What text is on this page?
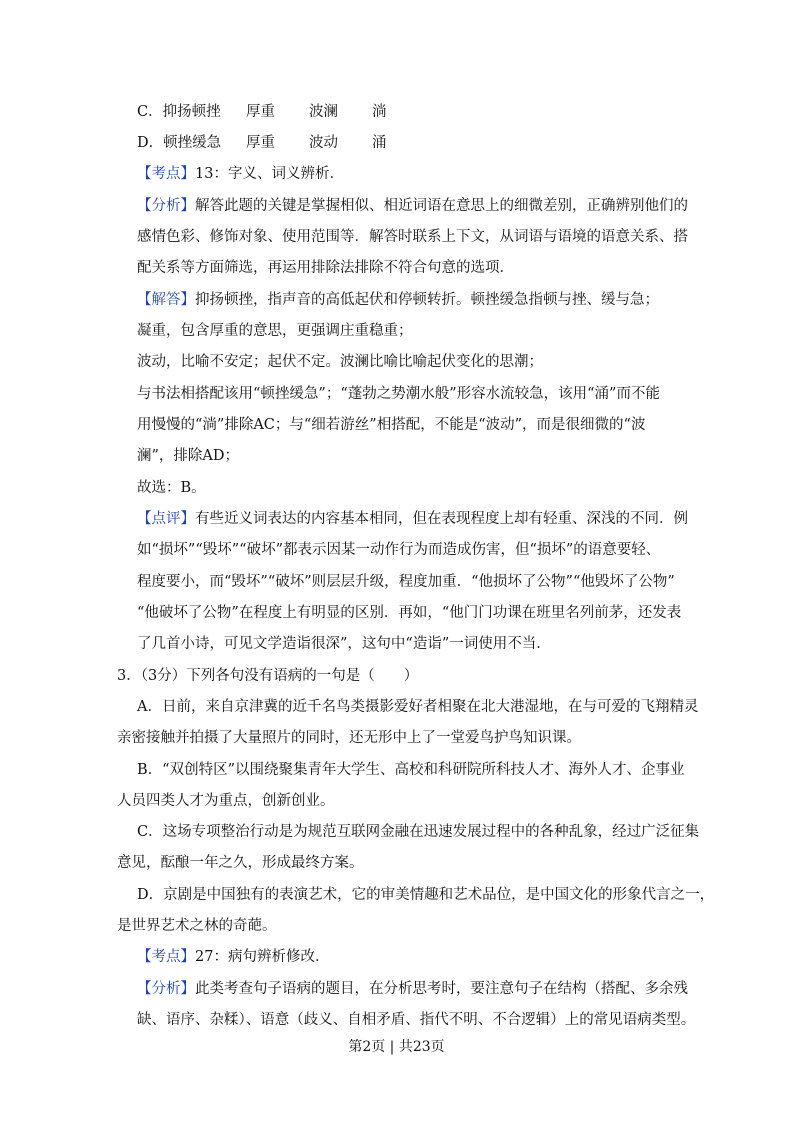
C．抑扬顿挫 厚重 波澜 淌
D．顿挫缓急 厚重 波动 涌
【考点】13：字义、词义辨析．
【分析】解答此题的关键是掌握相似、相近词语在意思上的细微差别，正确辨别他们的
感情色彩、修饰对象、使用范围等．解答时联系上下文，从词语与语境的语意关系、搭
配关系等方面筛选，再运用排除法排除不符合句意的选项．
【解答】抑扬顿挫，指声音的高低起伏和停顿转折。顿挫缓急指顿与挫、缓与急；
凝重，包含厚重的意思，更强调庄重稳重；
波动，比喻不安定；起伏不定。波澜比喻比喻起伏变化的思潮；
与书法相搭配该用“顿挫缓急”；“蓬勃之势潮水般”形容水流较急，该用“涌”而不能
用慢慢的“淌”排除AC；与“细若游丝”相搭配，不能是“波动”，而是很细微的“波
澜”，排除AD；
故选：B。
【点评】有些近义词表达的内容基本相同，但在表现程度上却有轻重、深浅的不同．例
如“损坏”“毁坏”“破坏”都表示因某一动作行为而造成伤害，但“损坏”的语意要轻、
程度要小，而“毁坏”“破坏”则层层升级，程度加重．“他损坏了公物”“他毁坏了公物”
“他破坏了公物”在程度上有明显的区别．再如，“他门门功课在班里名列前茅，还发表
了几首小诗，可见文学造诣很深”，这句中“造诣”一词使用不当．
3．（3分）下列各句没有语病的一句是（　　）
A．日前，来自京津冀的近千名鸟类摄影爱好者相聚在北大港湿地，在与可爱的飞翔精灵
亲密接触并拍摄了大量照片的同时，还无形中上了一堂爱鸟护鸟知识课。
B．“双创特区”以围绕聚集青年大学生、高校和科研院所科技人才、海外人才、企事业
人员四类人才为重点，创新创业。
C．这场专项整治行动是为规范互联网金融在迅速发展过程中的各种乱象，经过广泛征集
意见，酝酿一年之久，形成最终方案。
D．京剧是中国独有的表演艺术，它的审美情趣和艺术品位，是中国文化的形象代言之一，
是世界艺术之林的奇葩。
【考点】27：病句辨析修改．
【分析】此类考查句子语病的题目，在分析思考时，要注意句子在结构（搭配、多余残
缺、语序、杂糅）、语意（歧义、自相矛盾、指代不明、不合逻辑）上的常见语病类型。
第2页 | 共23页
